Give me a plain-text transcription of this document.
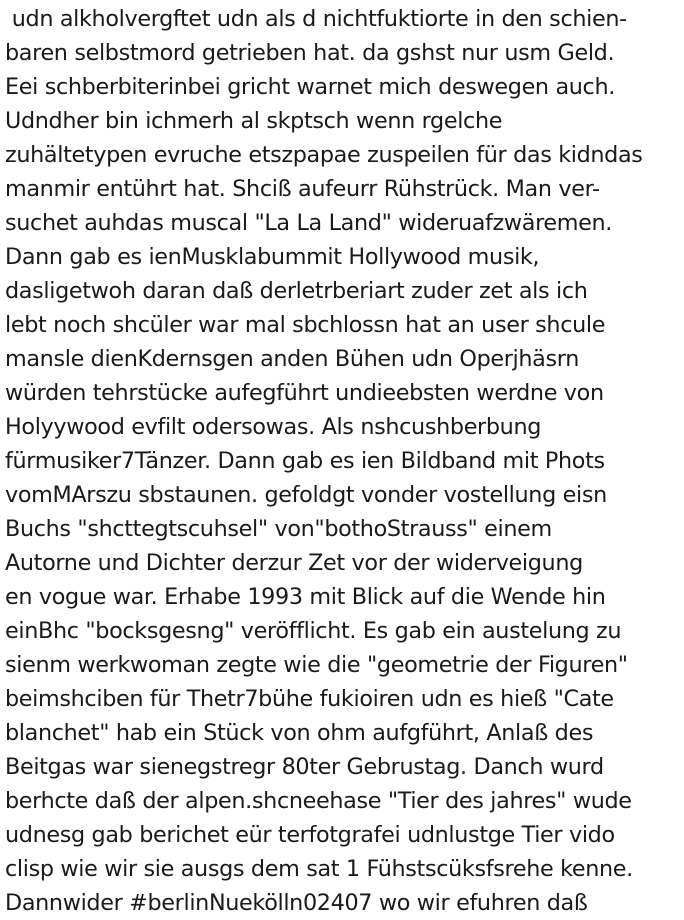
udn alkholvergftet udn als d nichtfuktiorte in den schien-
baren selbstmord getrieben hat. da gshst nur usm Geld.
Eei schberbiterinbei gricht warnet mich deswegen auch.
Udndher bin ichmerh al skptsch wenn rgelche
zuhältetypen evruche etszpapae zuspeilen für das kidndas
manmir entührt hat. Shciß aufeurr Rühstrück. Man ver-
suchet auhdas muscal "La La Land" wideruafzwäremen.
Dann gab es ienMusklabummit Hollywood musik,
dasligetwoh daran daß derletrberiart zuder zet als ich
lebt noch shcüler war mal sbchlossn hat an user shcule
mansle dienKdernsgen anden Bühen udn Operjhäsrn
würden tehrstücke aufegführt undieebsten werdne von
Holyywood evfilt odersowas. Als nshcushberbung
fürmusiker7Tänzer. Dann gab es ien Bildband mit Phots
vomMArszu sbstaunen. gefoldgt vonder vostellung eisn
Buchs "shcttegtscuhsel" von"bothoStrauss" einem
Autorne und Dichter derzur Zet vor der widerveigung
en vogue war. Erhabe 1993 mit Blick auf die Wende hin
einBhc "bocksgesng" veröfflicht. Es gab ein austelung zu
sienm werkwoman zegte wie die "geometrie der Figuren"
beimshciben für Thetr7bühe fukioiren udn es hieß "Cate
blanchet" hab ein Stück von ohm aufgführt, Anlaß des
Beitgas war sienegstregr 80ter Gebrustag. Danch wurd
berhcte daß der alpen.shcneehase "Tier des jahres" wude
udnesg gab berichet eür terfotgrafei udnlustge Tier vido
clisp wie wir sie ausgs dem sat 1 Fühstscüksfsrehe kenne.
Dannwider #berlinNuekölln02407 wo wir efuhren daß
